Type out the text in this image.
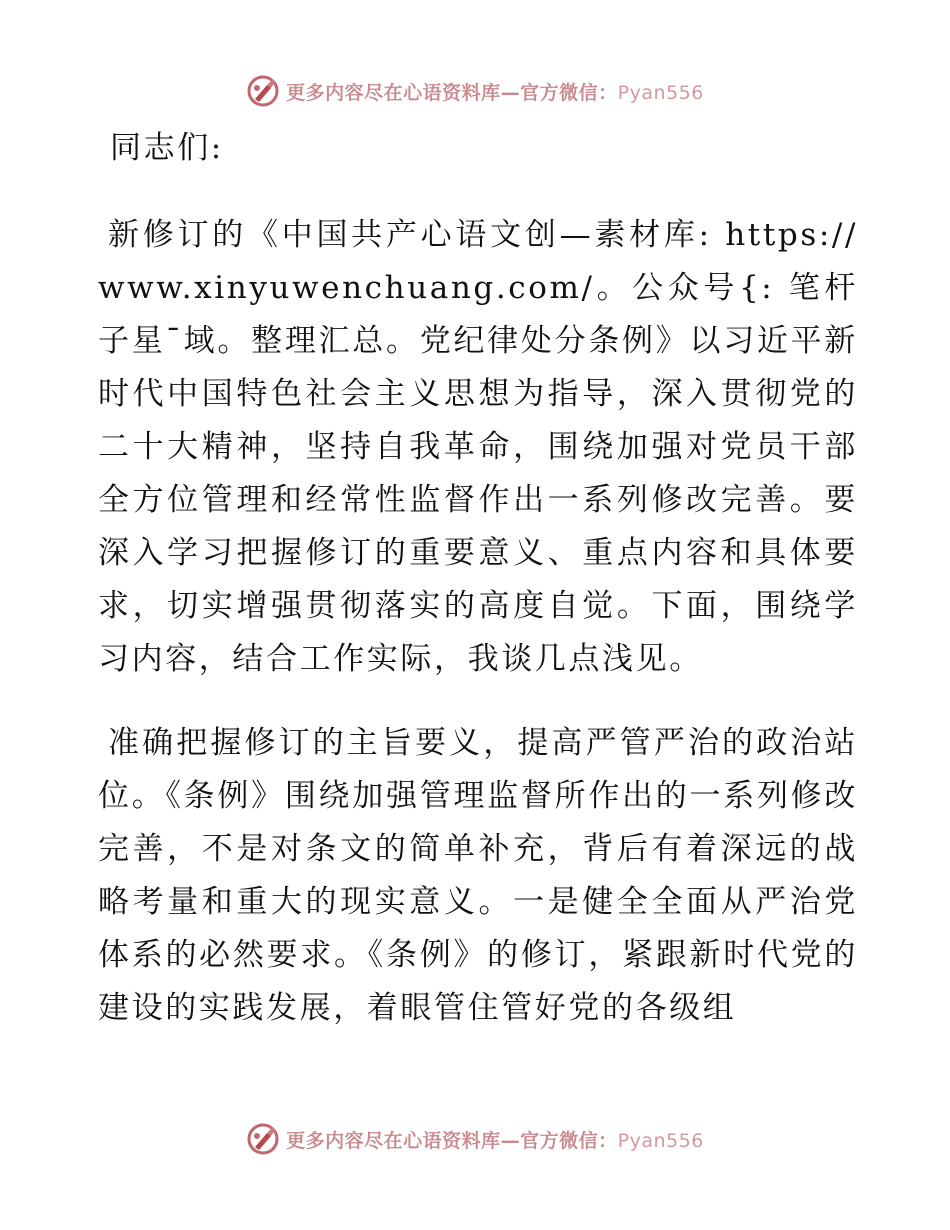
更多内容尽在心语资料库—官方微信：Pyan556

同志们:

新修订的《中国共产心语文创—素材库: https://www.xinyuwenchuang.com/。公众号{: 笔杆子星¯域。整理汇总。党纪律处分条例》以习近平新时代中国特色社会主义思想为指导，深入贯彻党的二十大精神，坚持自我革命，围绕加强对党员干部全方位管理和经常性监督作出一系列修改完善。要深入学习把握修订的重要意义、重点内容和具体要求，切实增强贯彻落实的高度自觉。下面，围绕学习内容，结合工作实际，我谈几点浅见。

准确把握修订的主旨要义，提高严管严治的政治站位。《条例》围绕加强管理监督所作出的一系列修改完善，不是对条文的简单补充，背后有着深远的战略考量和重大的现实意义。一是健全全面从严治党体系的必然要求。《条例》的修订，紧跟新时代党的建设的实践发展，着眼管住管好党的各级组

更多内容尽在心语资料库—官方微信：Pyan556
